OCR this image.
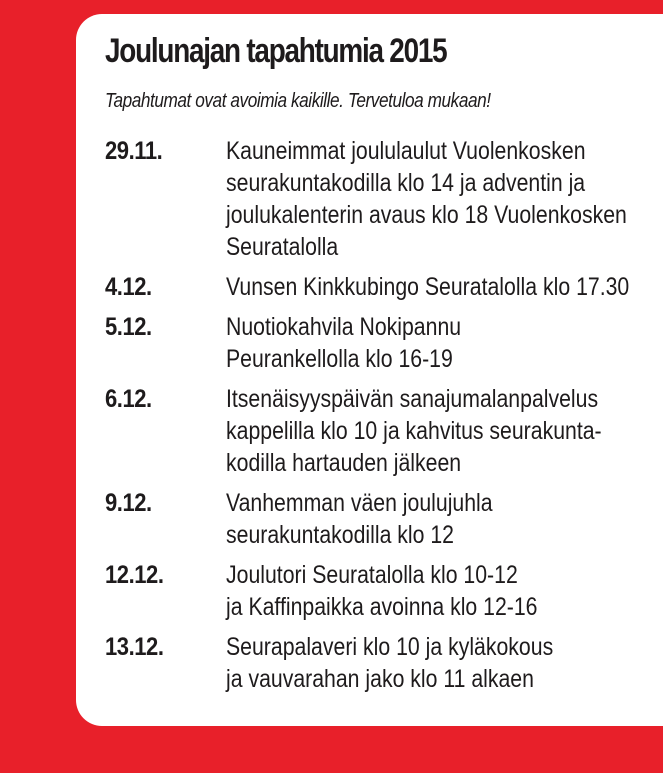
Joulunajan tapahtumia 2015

Tapahtumat ovat avoimia kaikille. Tervetuloa mukaan!

29.11.	Kauneimmat joululaulut Vuolenkosken
seurakuntakodilla klo 14 ja adventin ja
joulukalenterin avaus klo 18 Vuolenkosken
Seuratalolla
4.12.	Vunsen Kinkkubingo Seuratalolla klo 17.30
5.12.	Nuotiokahvila Nokipannu
Peurankellolla klo 16-19
6.12.	Itsenäisyyspäivän sanajumalanpalvelus
kappelilla klo 10 ja kahvitus seurakunta-
kodilla hartauden jälkeen
9.12.	Vanhemman väen joulujuhla
seurakuntakodilla klo 12
12.12. Joulutori Seuratalolla klo 10-12
ja Kaffinpaikka avoinna klo 12-16
13.12. Seurapalaveri klo 10 ja kyläkokous
ja vauvarahan jako klo 11 alkaen
